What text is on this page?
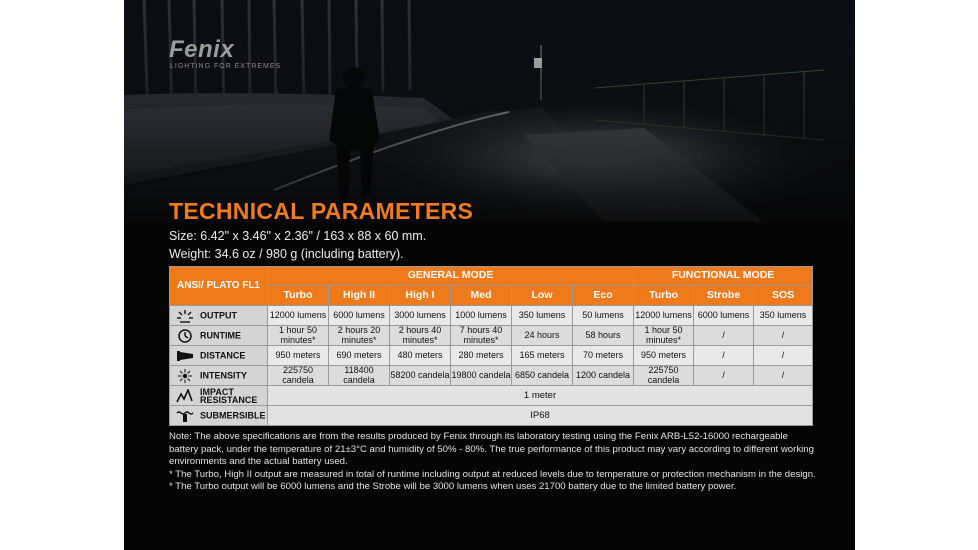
Fenix
LIGHTING FOR EXTREMES
TECHNICAL PARAMETERS
Size: 6.42" x 3.46" x 2.36" / 163 x 88 x 60 mm.
Weight: 34.6 oz / 980 g (including battery).
ANSI/ PLATO FL1	GENERAL MODE						FUNCTIONAL MODE		
	Turbo	High II	High I	Med	Low	Eco	Turbo	Strobe	SOS
OUTPUT	12000 lumens	6000 lumens	3000 lumens	1000 lumens	350 lumens	50 lumens	12000 lumens	6000 lumens	350 lumens
RUNTIME	1 hour 50 minutes*	2 hours 20 minutes*	2 hours 40 minutes*	7 hours 40 minutes*	24 hours	58 hours	1 hour 50 minutes*	/	/
DISTANCE	950 meters	690 meters	480 meters	280 meters	165 meters	70 meters	950 meters	/	/
INTENSITY	225750 candela	118400 candela	58200 candela	19800 candela	6850 candela	1200 candela	225750 candela	/	/
IMPACT RESISTANCE	1 meter								
SUBMERSIBLE	IP68								

Note: The above specifications are from the results produced by Fenix through its laboratory testing using the Fenix ARB-L52-16000 rechargeable battery pack, under the temperature of 21±3°C and humidity of 50% - 80%. The true performance of this product may vary according to different working environments and the actual battery used.

* The Turbo, High II output are measured in total of runtime including output at reduced levels due to temperature or protection mechanism in the design.

* The Turbo output will be 6000 lumens and the Strobe will be 3000 lumens when uses 21700 battery due to the limited battery power.
